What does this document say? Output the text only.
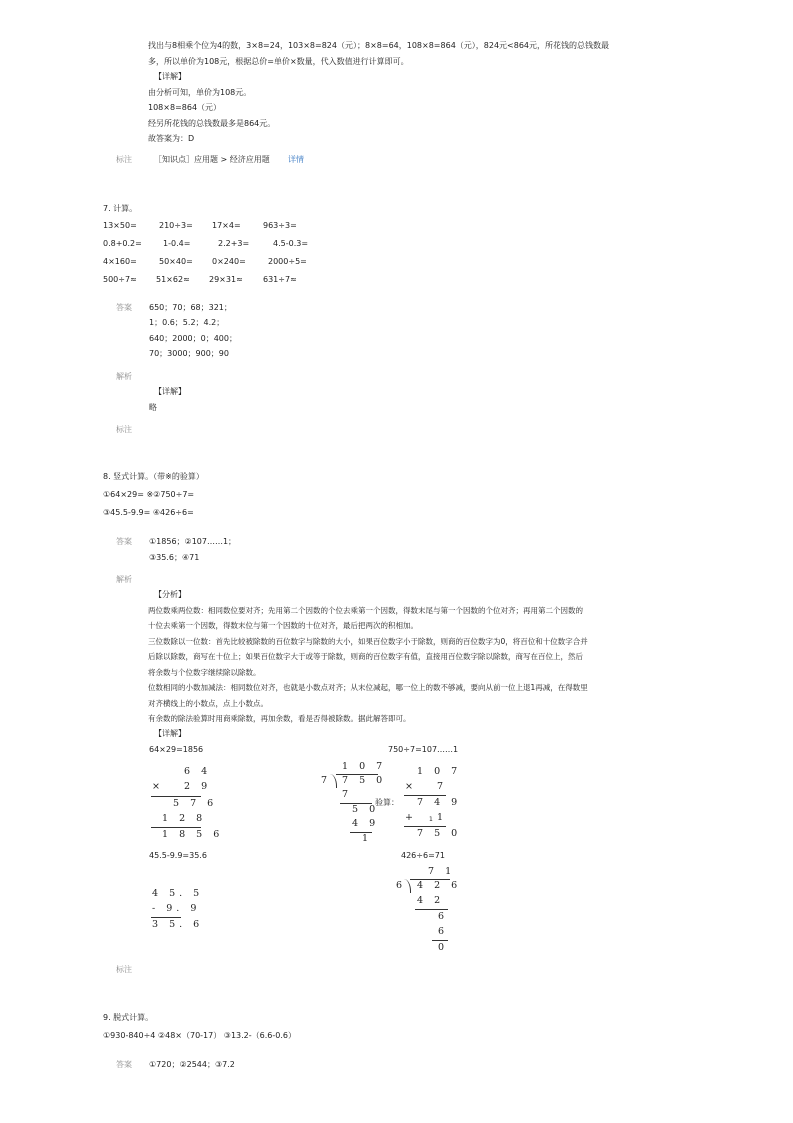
找出与8相乘个位为4的数，3×8=24，103×8=824（元）；8×8=64，108×8=864（元），824元<864元，所花钱的总钱数最
多，所以单价为108元，根据总价=单价×数量，代入数值进行计算即可。
【详解】
由分析可知，单价为108元。
108×8=864（元）
经另所花钱的总钱数最多是864元。
故答案为：D
标注	［知识点］应用题 > 经济应用题 详情
7. 计算。
13×50=	210÷3= 17×4=	963÷3=
0.8+0.2=	1-0.4=	2.2+3=	4.5-0.3=
4×160=	50×40= 0×240=	2000÷5=
500÷7≈ 51×62≈ 29×31≈	631÷7≈
答案 650；70；68；321；
1；0.6；5.2；4.2；
640；2000；0；400；
70；3000；900；90
解析
【详解】
略
标注
8. 竖式计算。（带※的验算）
①64×29= ※②750÷7=
③45.5-9.9= ④426÷6=
答案 ①1856；②107……1；
③35.6；④71
解析
【分析】
两位数乘两位数：相同数位要对齐；先用第二个因数的个位去乘第一个因数，得数末尾与第一个因数的个位对齐；再用第二个因数的
十位去乘第一个因数，得数末位与第一个因数的十位对齐，最后把两次的积相加。
三位数除以一位数：首先比较被除数的百位数字与除数的大小，如果百位数字小于除数，则商的百位数字为0，将百位和十位数字合并
后除以除数，商写在十位上；如果百位数字大于或等于除数，则商的百位数字有值，直接用百位数字除以除数，商写在百位上，然后
将余数与个位数字继续除以除数。
位数相同的小数加减法：相同数位对齐，也就是小数点对齐；从末位减起，哪一位上的数不够减，要向从前一位上退1再减，在得数里
对齐横线上的小数点，点上小数点。
有余数的除法验算时用商乘除数，再加余数，看是否得被除数。据此解答即可。
【详解】
64×29=1856	750÷7=107……1
6 4
× 2 9
5 7 6
1 2 8
1 8 5 6
1 0 7
7 7 5 0
7
5 0
4 9
1
验算：
1 0 7
× 7
7 4 9
+ 1 1
7 5 0
45.5-9.9=35.6	426÷6=71
4 5. 5
- 9. 9
3 5. 6
7 1
6 4 2 6
4 2
6
6
0
标注
9. 脱式计算。
①930-840÷4 ②48×（70-17） ③13.2-（6.6-0.6）
答案 ①720；②2544；③7.2
